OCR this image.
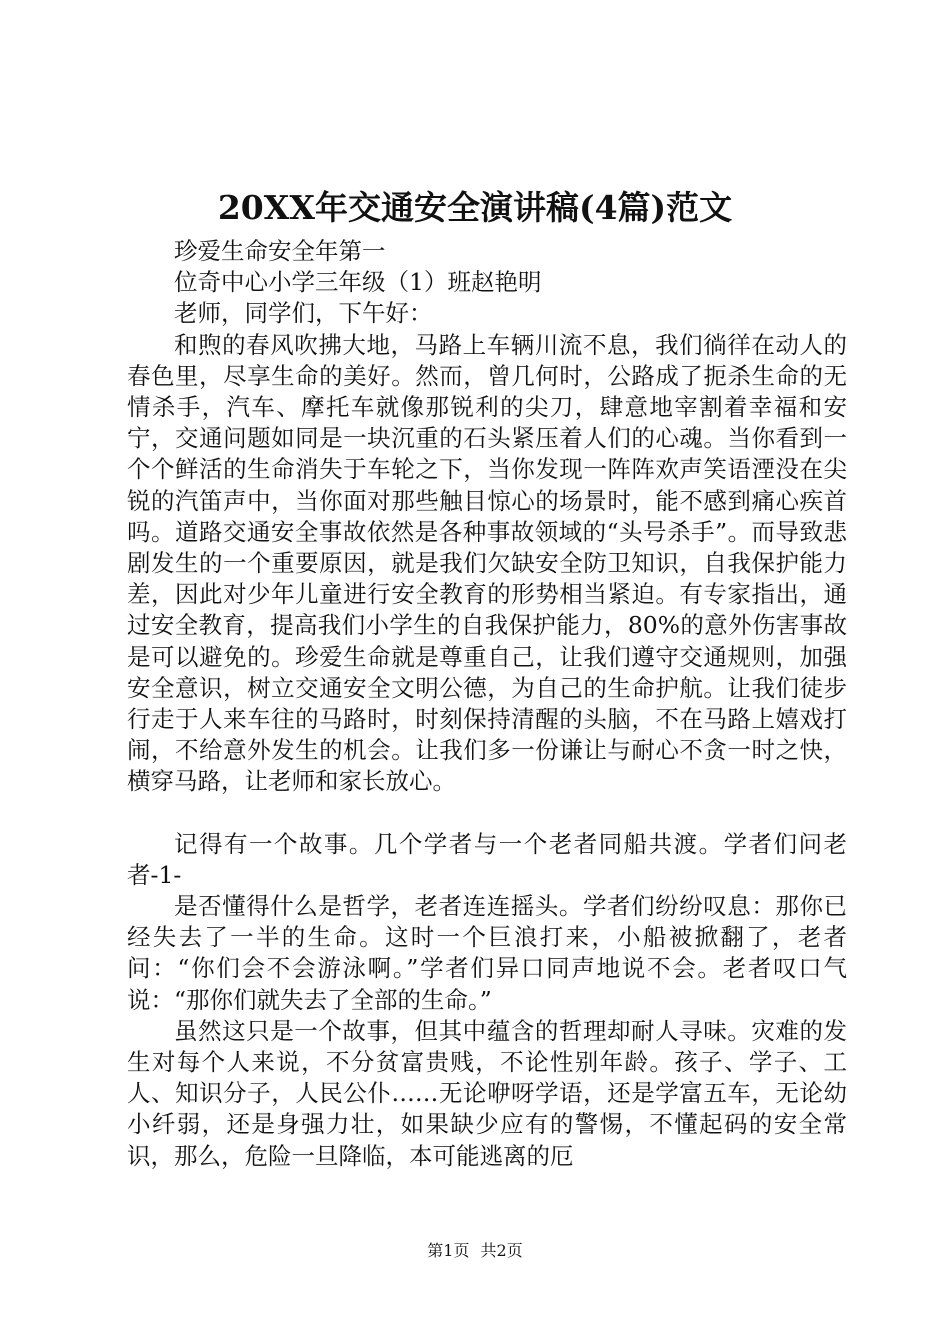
20XX年交通安全演讲稿(4篇)范文

珍爱生命安全年第一

位奇中心小学三年级（1）班赵艳明

老师，同学们，下午好：

和煦的春风吹拂大地，马路上车辆川流不息，我们徜徉在动人的春色里，尽享生命的美好。然而，曾几何时，公路成了扼杀生命的无情杀手，汽车、摩托车就像那锐利的尖刀，肆意地宰割着幸福和安宁，交通问题如同是一块沉重的石头紧压着人们的心魂。当你看到一个个鲜活的生命消失于车轮之下，当你发现一阵阵欢声笑语湮没在尖锐的汽笛声中，当你面对那些触目惊心的场景时，能不感到痛心疾首吗。道路交通安全事故依然是各种事故领域的“头号杀手”。而导致悲剧发生的一个重要原因，就是我们欠缺安全防卫知识，自我保护能力差，因此对少年儿童进行安全教育的形势相当紧迫。有专家指出，通过安全教育，提高我们小学生的自我保护能力，80%的意外伤害事故是可以避免的。珍爱生命就是尊重自己，让我们遵守交通规则，加强安全意识，树立交通安全文明公德，为自己的生命护航。让我们徒步行走于人来车往的马路时，时刻保持清醒的头脑，不在马路上嬉戏打闹，不给意外发生的机会。让我们多一份谦让与耐心不贪一时之快，横穿马路，让老师和家长放心。

记得有一个故事。几个学者与一个老者同船共渡。学者们问老者-1-

是否懂得什么是哲学，老者连连摇头。学者们纷纷叹息：那你已经失去了一半的生命。这时一个巨浪打来，小船被掀翻了，老者问：“你们会不会游泳啊。”学者们异口同声地说不会。老者叹口气说：“那你们就失去了全部的生命。”

虽然这只是一个故事，但其中蕴含的哲理却耐人寻味。灾难的发生对每个人来说，不分贫富贵贱，不论性别年龄。孩子、学子、工人、知识分子，人民公仆……无论咿呀学语，还是学富五车，无论幼小纤弱，还是身强力壮，如果缺少应有的警惕，不懂起码的安全常识，那么，危险一旦降临，本可能逃离的厄

第1页 共2页
